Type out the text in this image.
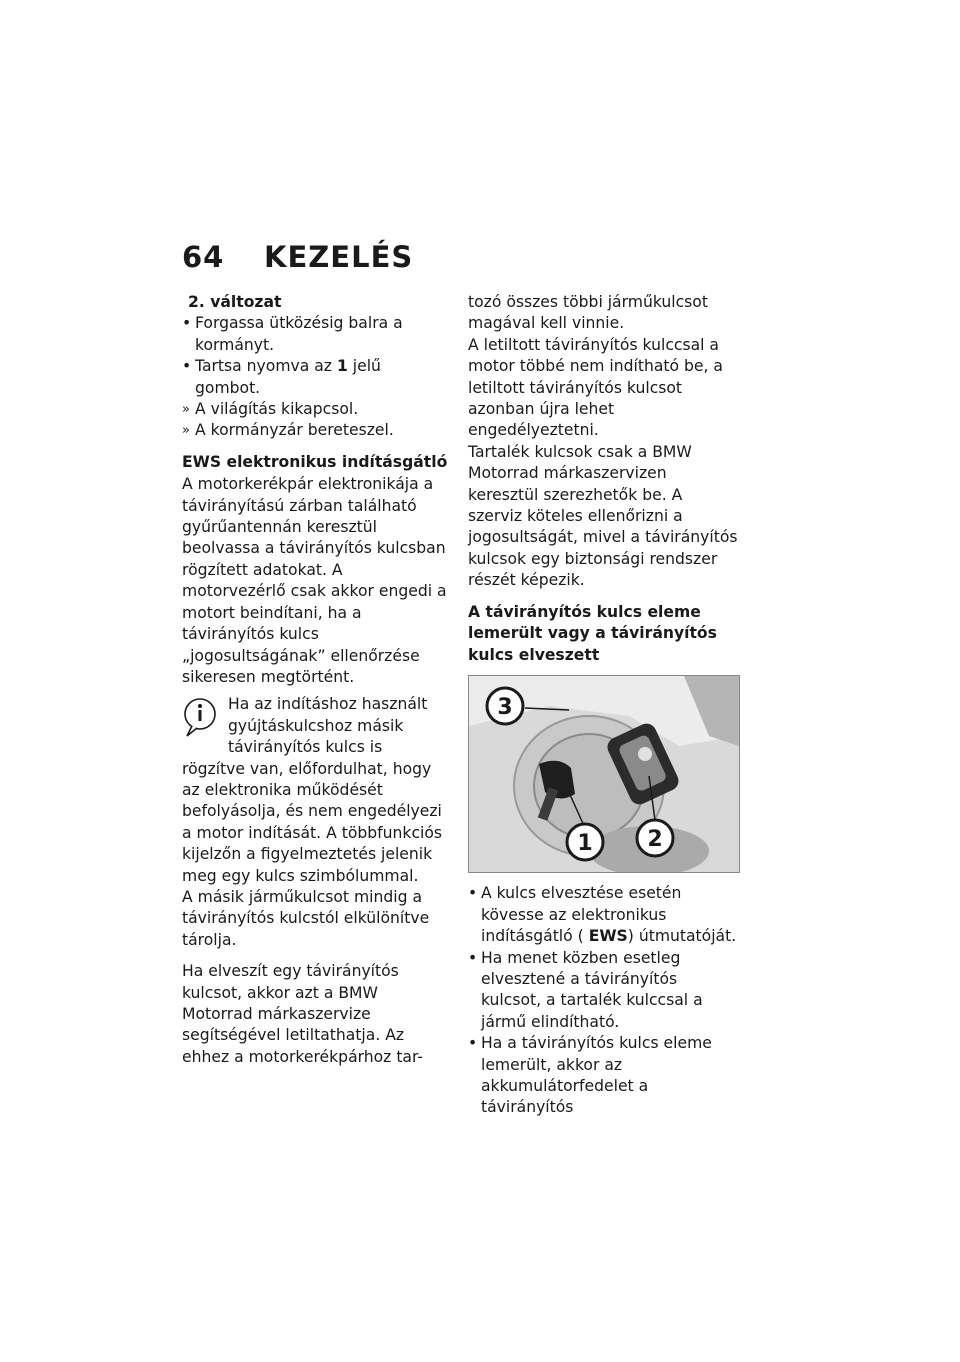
64 KEZELÉS

2. változat

• Forgassa ütközésig balra a kormányt.

• Tartsa nyomva az 1 jelű gombot.

» A világítás kikapcsol.

» A kormányzár bereteszel.

EWS elektronikus indításgátló

A motorkerékpár elektronikája a távirányítású zárban található gyűrűantennán keresztül beolvassa a távirányítós kulcsban rögzített adatokat. A motorvezérlő csak akkor engedi a motort beindítani, ha a távirányítós kulcs „jogosultságának” ellenőrzése sikeresen megtörtént.

Ha az indításhoz használt gyújtáskulcshoz másik távirányítós kulcs is rögzítve van, előfordulhat, hogy az elektronika működését befolyásolja, és nem engedélyezi a motor indítását. A többfunkciós kijelzőn a figyelmeztetés jelenik meg egy kulcs szimbólummal.

A másik járműkulcsot mindig a távirányítós kulcstól elkülönítve tárolja.

Ha elveszít egy távirányítós kulcsot, akkor azt a BMW Motorrad márkaszervize segítségével letiltathatja. Az ehhez a motorkerékpárhoz tar-

tozó összes többi járműkulcsot magával kell vinnie.

A letiltott távirányítós kulccsal a motor többé nem indítható be, a letiltott távirányítós kulcsot azonban újra lehet engedélyeztetni.

Tartalék kulcsok csak a BMW Motorrad márkaszervizen keresztül szerezhetők be. A szerviz köteles ellenőrizni a jogosultságát, mivel a távirányítós kulcsok egy biztonsági rendszer részét képezik.

A távirányítós kulcs eleme lemerült vagy a távirányítós kulcs elveszett

3
1 2

• A kulcs elvesztése esetén kövesse az elektronikus indításgátló ( EWS) útmutatóját.

• Ha menet közben esetleg elvesztené a távirányítós kulcsot, a tartalék kulccsal a jármű elindítható.

• Ha a távirányítós kulcs eleme lemerült, akkor az akkumulátorfedelet a távirányítós
